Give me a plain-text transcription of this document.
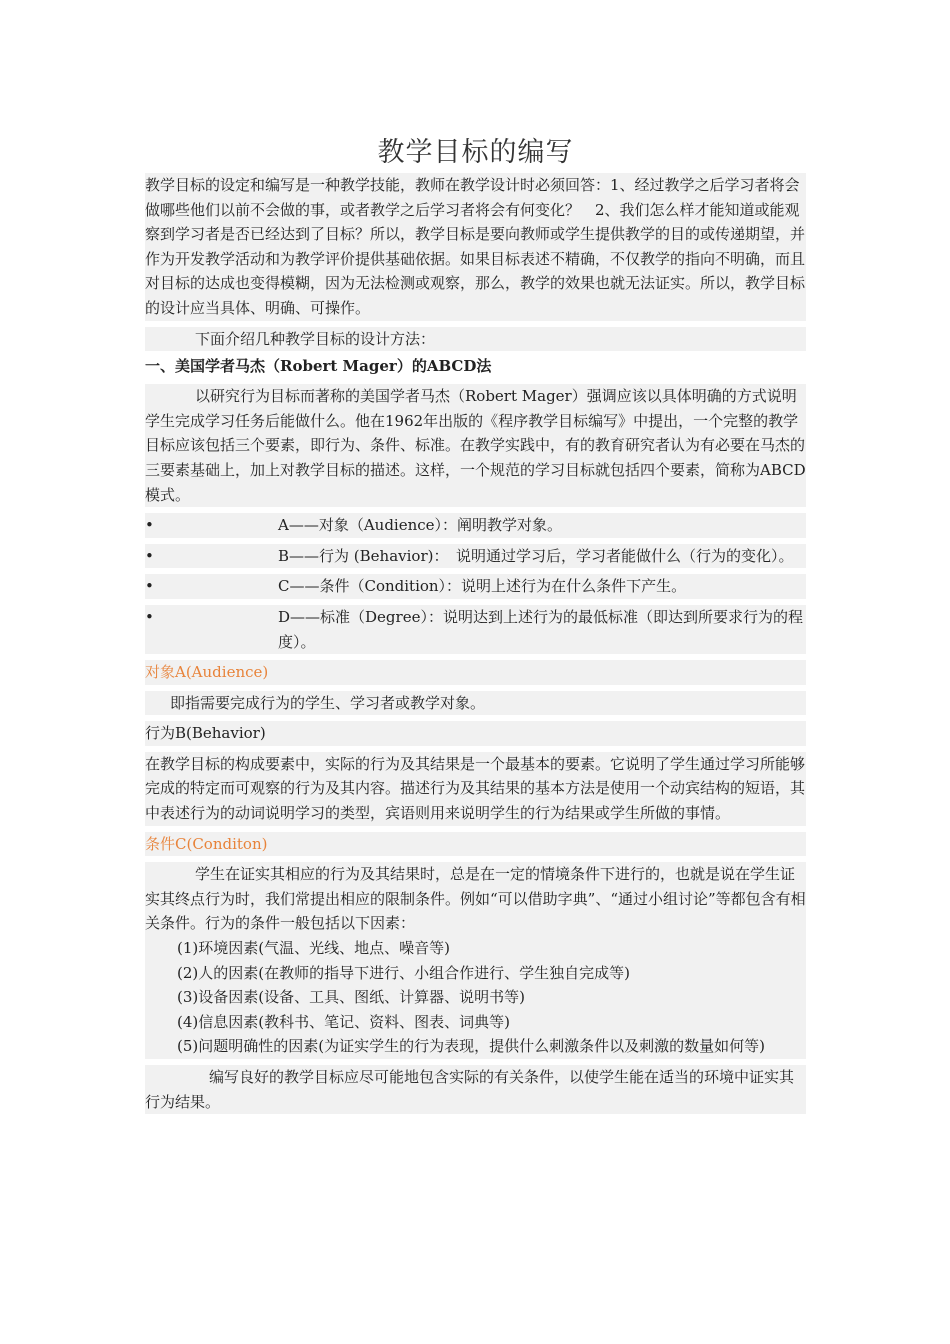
教学目标的编写

教学目标的设定和编写是一种教学技能，教师在教学设计时必须回答：1、经过教学之后学习者将会做哪些他们以前不会做的事，或者教学之后学习者将会有何变化？　2、我们怎么样才能知道或能观察到学习者是否已经达到了目标？所以，教学目标是要向教师或学生提供教学的目的或传递期望，并作为开发教学活动和为教学评价提供基础依据。如果目标表述不精确，不仅教学的指向不明确，而且对目标的达成也变得模糊，因为无法检测或观察，那么，教学的效果也就无法证实。所以，教学目标的设计应当具体、明确、可操作。

下面介绍几种教学目标的设计方法：

一、美国学者马杰（Robert Mager）的ABCD法

以研究行为目标而著称的美国学者马杰（Robert Mager）强调应该以具体明确的方式说明学生完成学习任务后能做什么。他在1962年出版的《程序教学目标编写》中提出，一个完整的教学目标应该包括三个要素，即行为、条件、标准。在教学实践中，有的教育研究者认为有必要在马杰的三要素基础上，加上对教学目标的描述。这样，一个规范的学习目标就包括四个要素，简称为ABCD模式。

•	A——对象（Audience）：阐明教学对象。
•	B——行为 (Behavior)：　说明通过学习后，学习者能做什么（行为的变化）。
•	C——条件（Condition）：说明上述行为在什么条件下产生。
•	D——标准（Degree）：说明达到上述行为的最低标准（即达到所要求行为的程度）。

对象A(Audience)

即指需要完成行为的学生、学习者或教学对象。

行为B(Behavior)

在教学目标的构成要素中，实际的行为及其结果是一个最基本的要素。它说明了学生通过学习所能够完成的特定而可观察的行为及其内容。描述行为及其结果的基本方法是使用一个动宾结构的短语，其中表述行为的动词说明学习的类型，宾语则用来说明学生的行为结果或学生所做的事情。

条件C(Conditon)

学生在证实其相应的行为及其结果时，总是在一定的情境条件下进行的，也就是说在学生证实其终点行为时，我们常提出相应的限制条件。例如“可以借助字典”、“通过小组讨论”等都包含有相关条件。行为的条件一般包括以下因素：

(1)环境因素(气温、光线、地点、噪音等)
(2)人的因素(在教师的指导下进行、小组合作进行、学生独自完成等)
(3)设备因素(设备、工具、图纸、计算器、说明书等)
(4)信息因素(教科书、笔记、资料、图表、词典等)
(5)问题明确性的因素(为证实学生的行为表现，提供什么刺激条件以及刺激的数量如何等)

编写良好的教学目标应尽可能地包含实际的有关条件，以使学生能在适当的环境中证实其行为结果。
